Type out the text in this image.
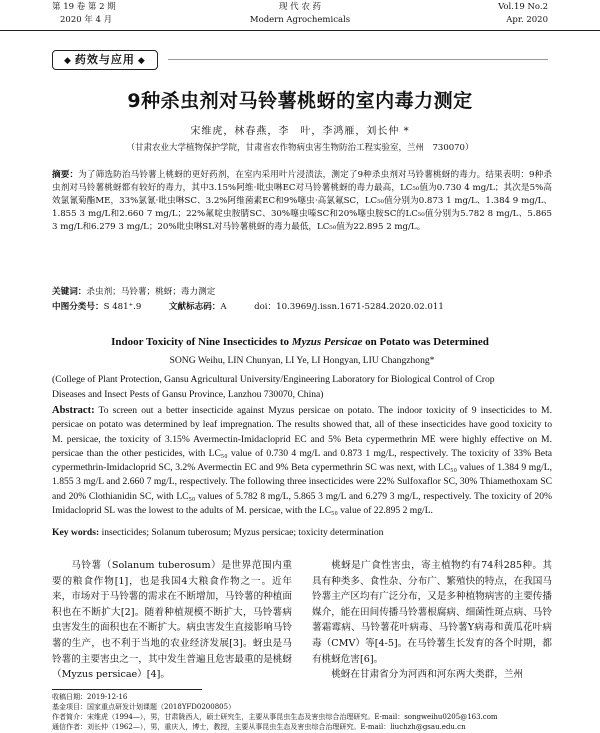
第 19 卷 第 2 期
2020 年 4 月
现 代 农 药
Modern Agrochemicals
Vol.19 No.2
Apr. 2020
◆ 药效与应用 ◆
9种杀虫剂对马铃薯桃蚜的室内毒力测定
宋维虎，林春燕，李　叶，李鸿雁，刘长仲 *
（甘肃农业大学植物保护学院，甘肃省农作物病虫害生物防治工程实验室，兰州　730070）
摘要：为了筛选防治马铃薯上桃蚜的更好药剂，在室内采用叶片浸渍法，测定了9种杀虫剂对马铃薯桃蚜的毒力。结果表明：9种杀虫剂对马铃薯桃蚜都有较好的毒力，其中3.15%阿维·吡虫啉EC对马铃薯桃蚜的毒力最高，LC₅₀值为0.730 4 mg/L；其次是5%高效氯氰菊酯ME，33%氯氰·吡虫啉SC、3.2%阿维菌素EC和9%噻虫·高氯氟SC，LC₅₀值分别为0.873 1 mg/L、1.384 9 mg/L、1.855 3 mg/L和2.660 7 mg/L；22%氟啶虫胺腈SC、30%噻虫嗪SC和20%噻虫胺SC的LC₅₀值分别为5.782 8 mg/L、5.865 3 mg/L和6.279 3 mg/L；20%吡虫啉SL对马铃薯桃蚜的毒力最低，LC₅₀值为22.895 2 mg/L。
关键词：杀虫剂；马铃薯；桃蚜；毒力测定
中图分类号：S 481⁺.9	文献标志码：A	doi：10.3969/j.issn.1671-5284.2020.02.011
Indoor Toxicity of Nine Insecticides to Myzus Persicae on Potato was Determined
SONG Weihu, LIN Chunyan, LI Ye, LI Hongyan, LIU Changzhong*
(College of Plant Protection, Gansu Agricultural University/Engineering Laboratory for Biological Control of Crop
Diseases and Insect Pests of Gansu Province, Lanzhou 730070, China)
Abstract: To screen out a better insecticide against Myzus persicae on potato. The indoor toxicity of 9 insecticides to M. persicae on potato was determined by leaf impregnation. The results showed that, all of these insecticides have good toxicity to M. persicae, the toxicity of 3.15% Avermectin-Imidacloprid EC and 5% Beta cypermethrin ME were highly effective on M. persicae than the other pesticides, with LC₅₀ value of 0.730 4 mg/L and 0.873 1 mg/L, respectively. The toxicity of 33% Beta cypermethrin-Imidacloprid SC, 3.2% Avermectin EC and 9% Beta cypermethrin SC was next, with LC₅₀ values of 1.384 9 mg/L, 1.855 3 mg/L and 2.660 7 mg/L, respectively. The following three insecticides were 22% Sulfoxaflor SC, 30% Thiamethoxam SC and 20% Clothianidin SC, with LC₅₀ values of 5.782 8 mg/L, 5.865 3 mg/L and 6.279 3 mg/L, respectively. The toxicity of 20% Imidacloprid SL was the lowest to the adults of M. persicae, with the LC₅₀ value of 22.895 2 mg/L.
Key words: insecticides; Solanum tuberosum; Myzus persicae; toxicity determination

马铃薯（Solanum tuberosum）是世界范围内重要的粮食作物[1]，也是我国4大粮食作物之一。近年来，市场对于马铃薯的需求在不断增加，马铃薯的种植面积也在不断扩大[2]。随着种植规模不断扩大，马铃薯病虫害发生的面积也在不断扩大。病虫害发生直接影响马铃薯的生产，也不利于当地的农业经济发展[3]。蚜虫是马铃薯的主要害虫之一，其中发生普遍且危害最重的是桃蚜（Myzus persicae）[4]。

桃蚜是广食性害虫，寄主植物约有74科285种。其具有种类多、食性杂、分布广、繁殖快的特点，在我国马铃薯主产区均有广泛分布，又是多种植物病害的主要传播媒介，能在田间传播马铃薯根腐病、细菌性斑点病、马铃薯霜霉病、马铃薯花叶病毒、马铃薯Y病毒和黄瓜花叶病毒（CMV）等[4-5]。在马铃薯生长发育的各个时期，都有桃蚜危害[6]。

桃蚜在甘肃省分为河西和河东两大类群，兰州

收稿日期：2019-12-16
基金项目：国家重点研发计划课题（2018YFD0200805）
作者简介：宋维虎（1994—），男，甘肃陇西人，硕士研究生，主要从事昆虫生态及害虫综合治理研究。E-mail：songweihu0205@163.com
通信作者：刘长仲（1962—），男，重庆人，博士，教授，主要从事昆虫生态及害虫综合治理研究。E-mail：liuchzh@gsau.edu.cn
